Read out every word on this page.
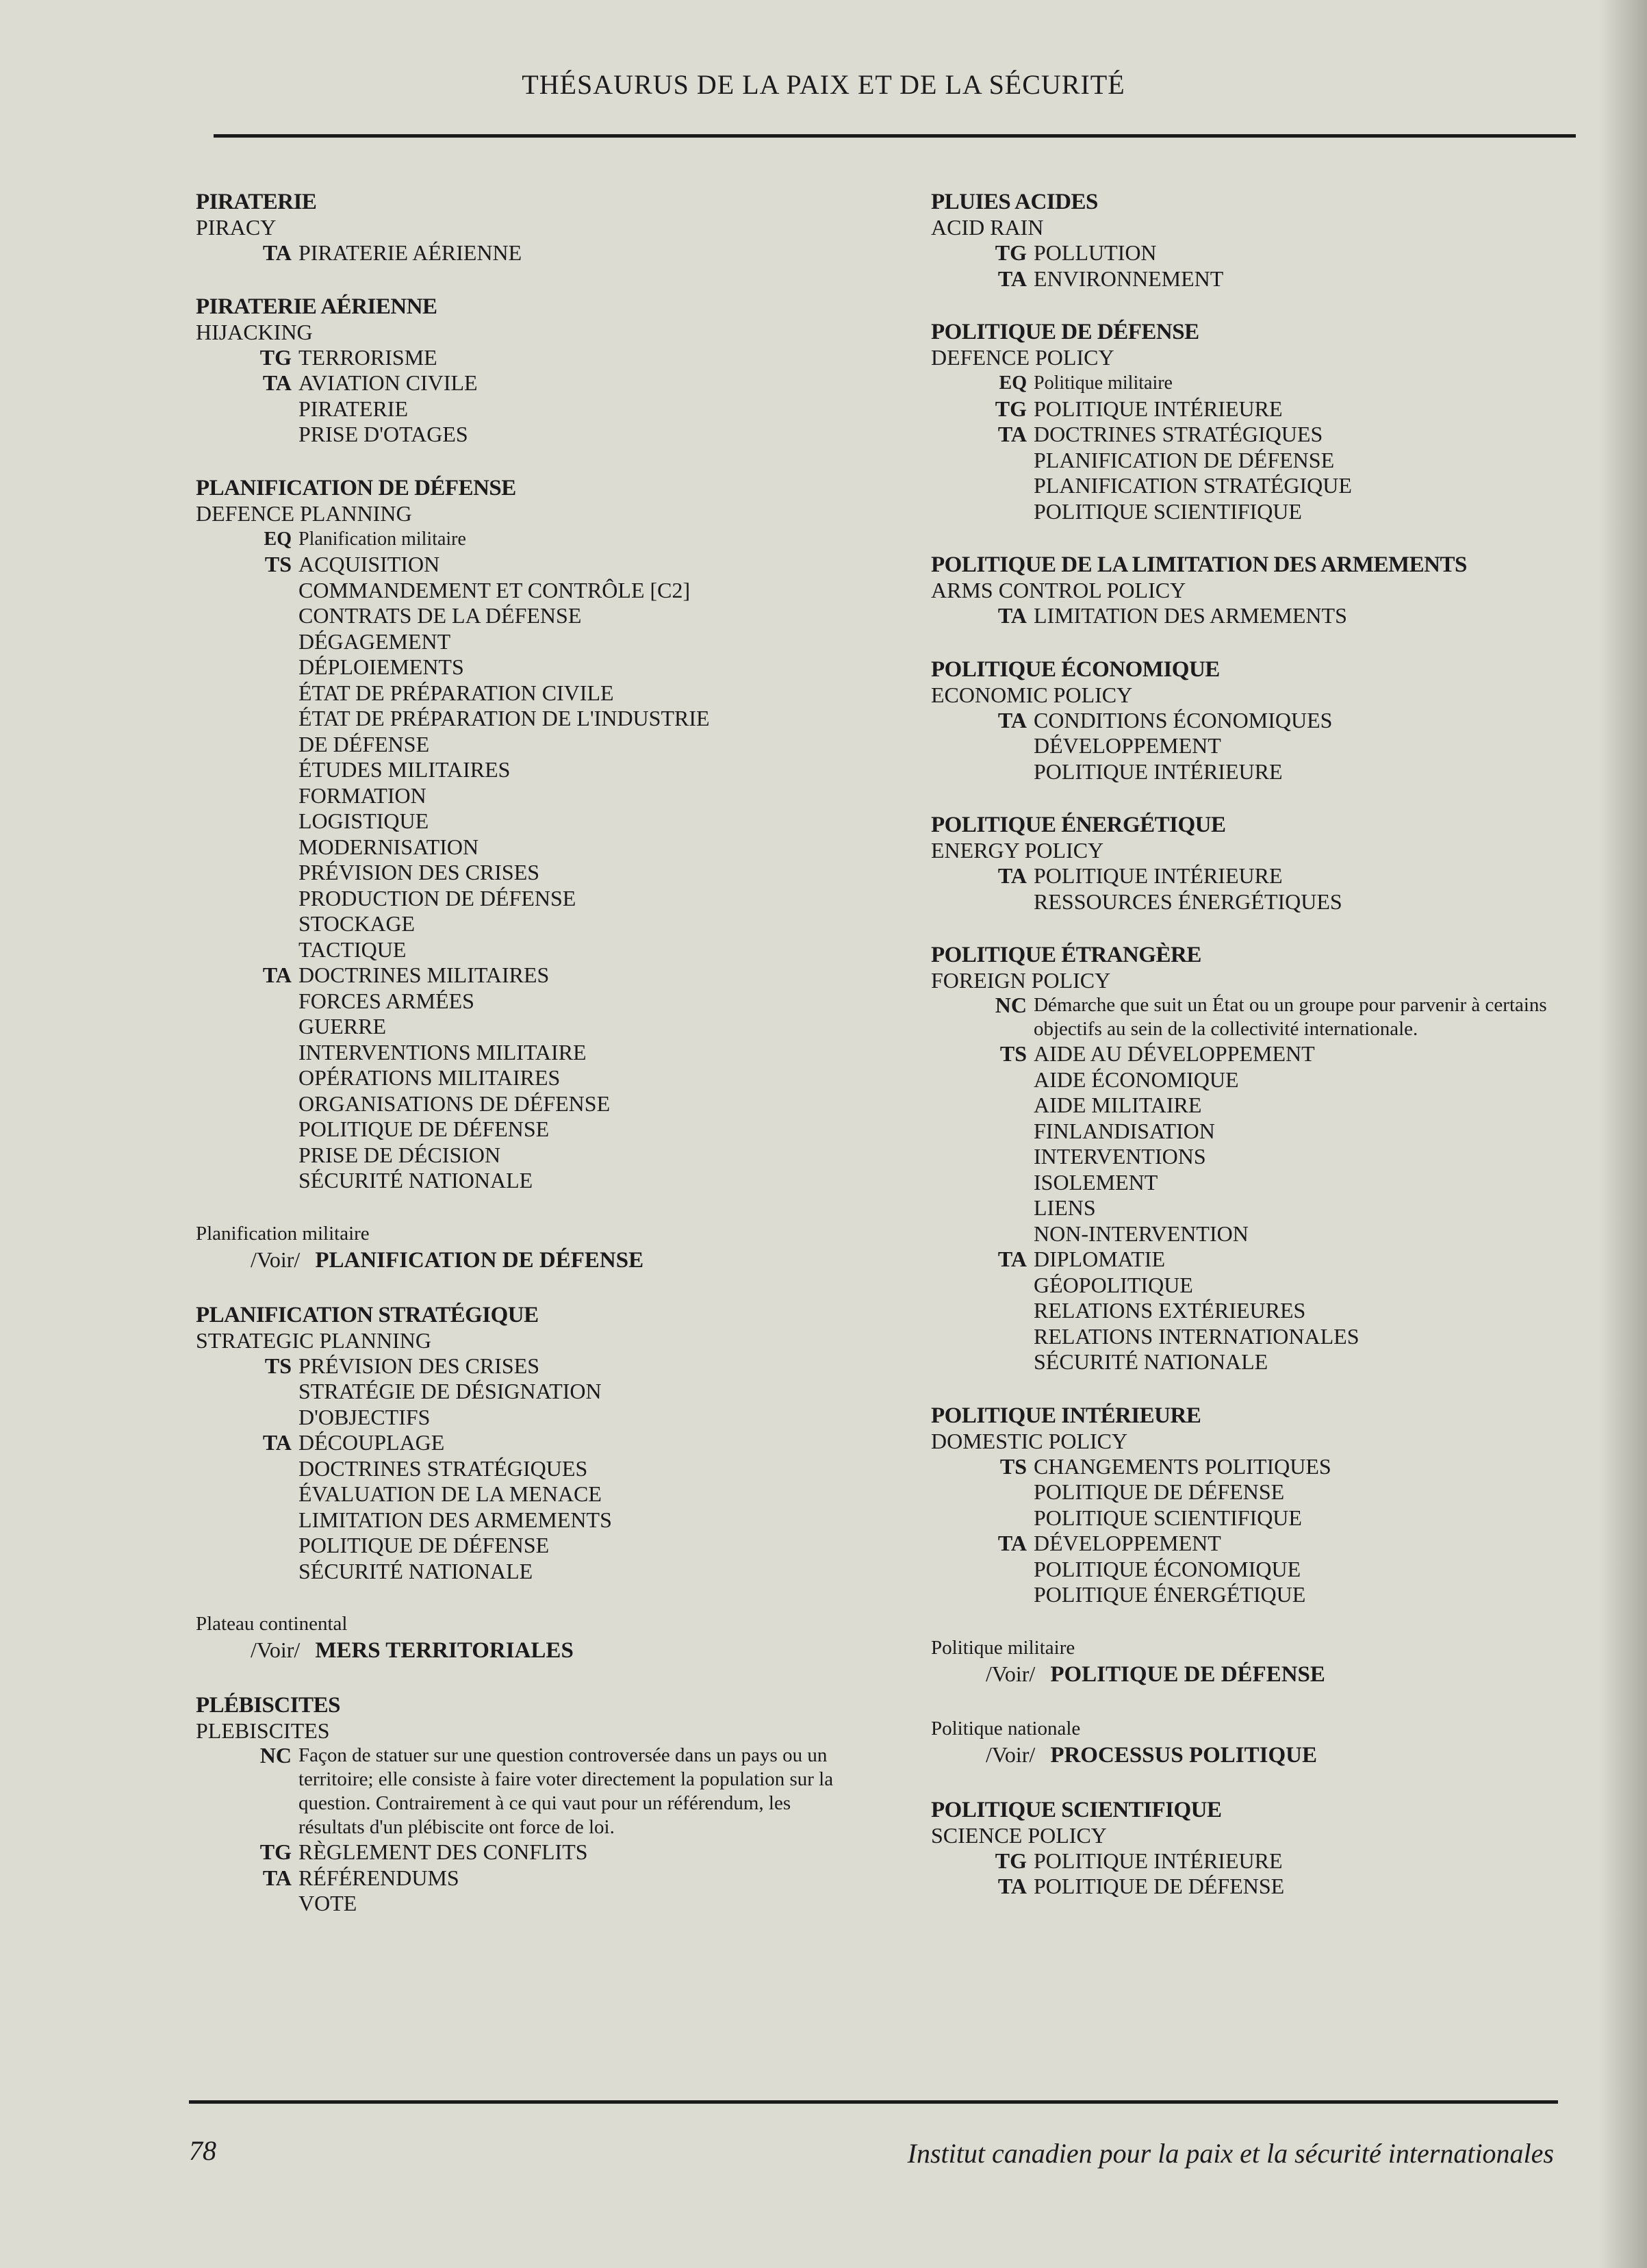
THÉSAURUS DE LA PAIX ET DE LA SÉCURITÉ
PIRATERIE
PIRACY
TA PIRATERIE AÉRIENNE
PIRATERIE AÉRIENNE
HIJACKING
TG TERRORISME
TA AVIATION CIVILE
PIRATERIE
PRISE D'OTAGES
PLANIFICATION DE DÉFENSE
DEFENCE PLANNING
EQ Planification militaire
TS ACQUISITION
COMMANDEMENT ET CONTRÔLE [C2]
CONTRATS DE LA DÉFENSE
DÉGAGEMENT
DÉPLOIEMENTS
ÉTAT DE PRÉPARATION CIVILE
ÉTAT DE PRÉPARATION DE L'INDUSTRIE
DE DÉFENSE
ÉTUDES MILITAIRES
FORMATION
LOGISTIQUE
MODERNISATION
PRÉVISION DES CRISES
PRODUCTION DE DÉFENSE
STOCKAGE
TACTIQUE
TA DOCTRINES MILITAIRES
FORCES ARMÉES
GUERRE
INTERVENTIONS MILITAIRE
OPÉRATIONS MILITAIRES
ORGANISATIONS DE DÉFENSE
POLITIQUE DE DÉFENSE
PRISE DE DÉCISION
SÉCURITÉ NATIONALE
Planification militaire
/Voir/ PLANIFICATION DE DÉFENSE
PLANIFICATION STRATÉGIQUE
STRATEGIC PLANNING
TS PRÉVISION DES CRISES
STRATÉGIE DE DÉSIGNATION
D'OBJECTIFS
TA DÉCOUPLAGE
DOCTRINES STRATÉGIQUES
ÉVALUATION DE LA MENACE
LIMITATION DES ARMEMENTS
POLITIQUE DE DÉFENSE
SÉCURITÉ NATIONALE
Plateau continental
/Voir/ MERS TERRITORIALES
PLÉBISCITES
PLEBISCITES
NC Façon de statuer sur une question controversée dans un pays ou un territoire; elle consiste à faire voter directement la population sur la question. Contrairement à ce qui vaut pour un référendum, les résultats d'un plébiscite ont force de loi.
TG RÈGLEMENT DES CONFLITS
TA RÉFÉRENDUMS
VOTE
PLUIES ACIDES
ACID RAIN
TG POLLUTION
TA ENVIRONNEMENT
POLITIQUE DE DÉFENSE
DEFENCE POLICY
EQ Politique militaire
TG POLITIQUE INTÉRIEURE
TA DOCTRINES STRATÉGIQUES
PLANIFICATION DE DÉFENSE
PLANIFICATION STRATÉGIQUE
POLITIQUE SCIENTIFIQUE
POLITIQUE DE LA LIMITATION DES ARMEMENTS
ARMS CONTROL POLICY
TA LIMITATION DES ARMEMENTS
POLITIQUE ÉCONOMIQUE
ECONOMIC POLICY
TA CONDITIONS ÉCONOMIQUES
DÉVELOPPEMENT
POLITIQUE INTÉRIEURE
POLITIQUE ÉNERGÉTIQUE
ENERGY POLICY
TA POLITIQUE INTÉRIEURE
RESSOURCES ÉNERGÉTIQUES
POLITIQUE ÉTRANGÈRE
FOREIGN POLICY
NC Démarche que suit un État ou un groupe pour parvenir à certains objectifs au sein de la collectivité internationale.
TS AIDE AU DÉVELOPPEMENT
AIDE ÉCONOMIQUE
AIDE MILITAIRE
FINLANDISATION
INTERVENTIONS
ISOLEMENT
LIENS
NON-INTERVENTION
TA DIPLOMATIE
GÉOPOLITIQUE
RELATIONS EXTÉRIEURES
RELATIONS INTERNATIONALES
SÉCURITÉ NATIONALE
POLITIQUE INTÉRIEURE
DOMESTIC POLICY
TS CHANGEMENTS POLITIQUES
POLITIQUE DE DÉFENSE
POLITIQUE SCIENTIFIQUE
TA DÉVELOPPEMENT
POLITIQUE ÉCONOMIQUE
POLITIQUE ÉNERGÉTIQUE
Politique militaire
/Voir/ POLITIQUE DE DÉFENSE
Politique nationale
/Voir/ PROCESSUS POLITIQUE
POLITIQUE SCIENTIFIQUE
SCIENCE POLICY
TG POLITIQUE INTÉRIEURE
TA POLITIQUE DE DÉFENSE
78	Institut canadien pour la paix et la sécurité internationales
